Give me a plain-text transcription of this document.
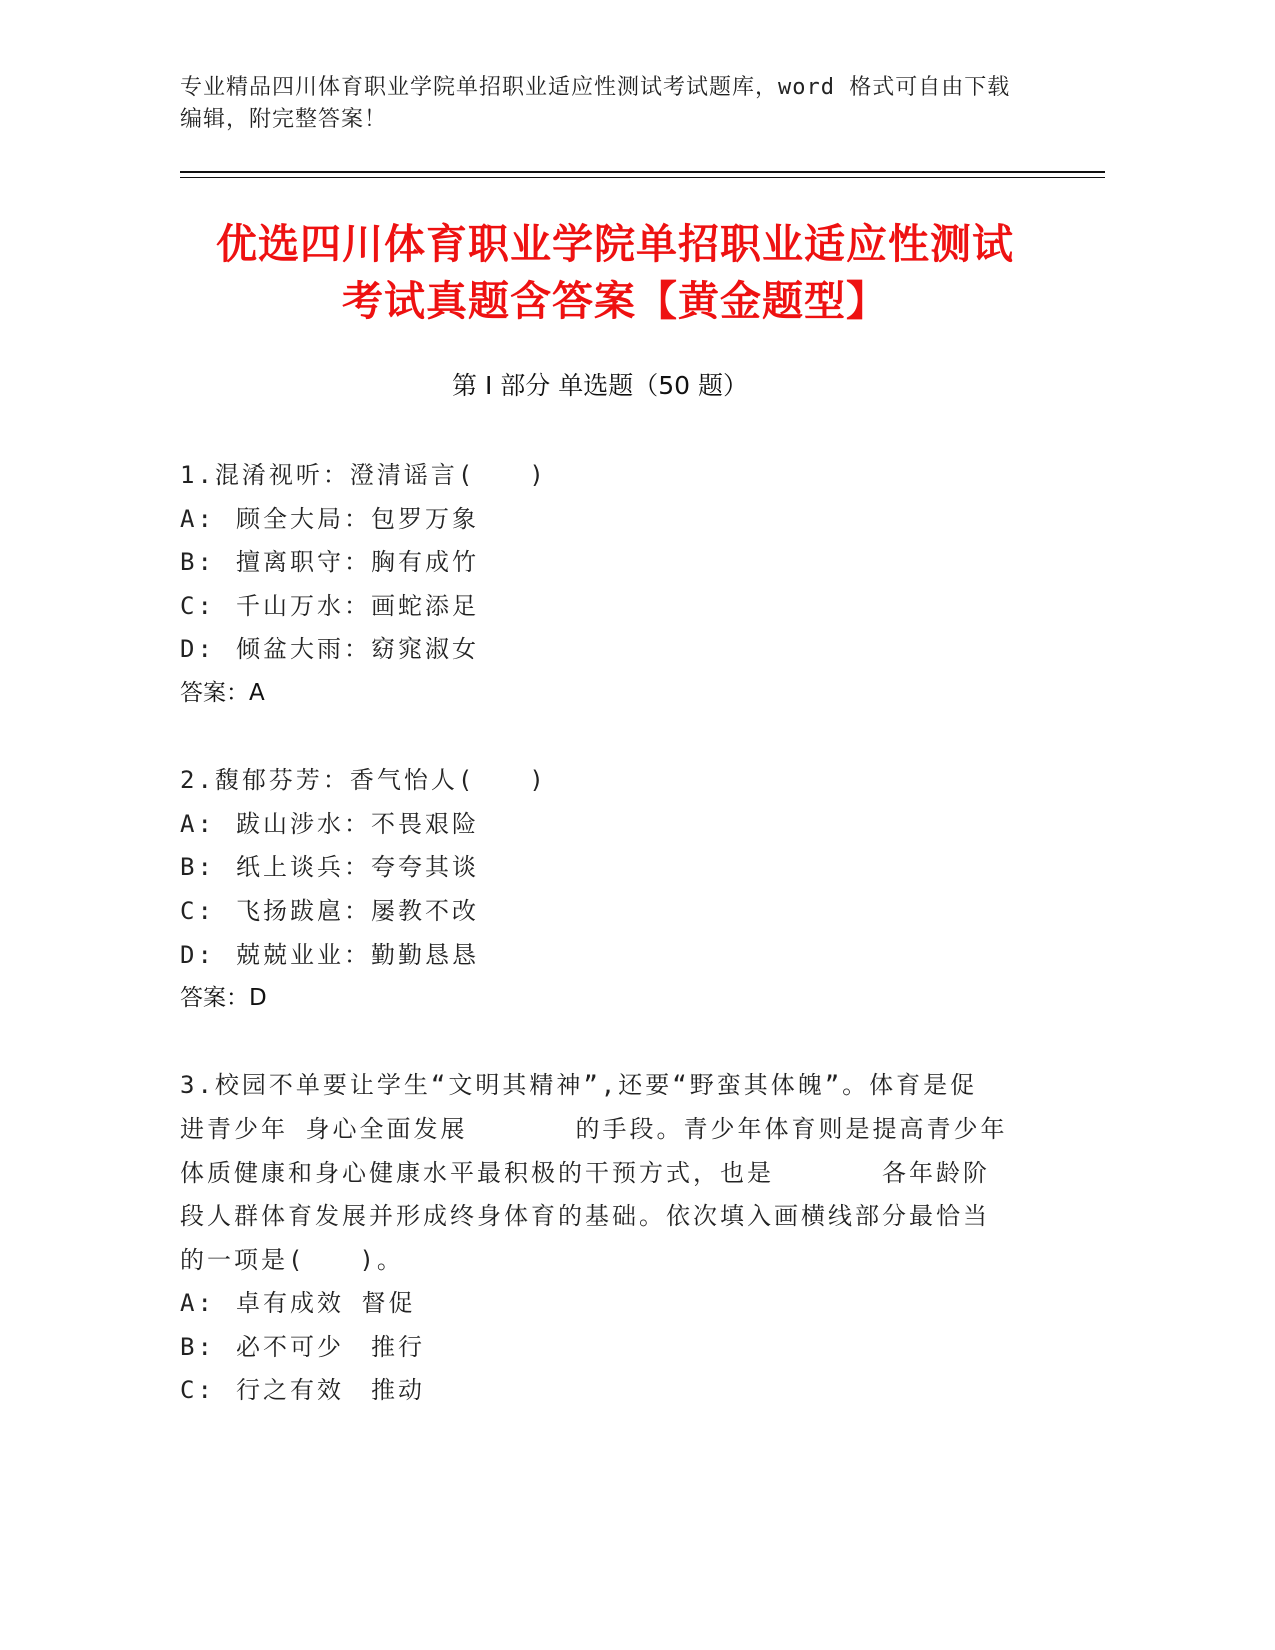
专业精品四川体育职业学院单招职业适应性测试考试题库，word 格式可自由下载
编辑，附完整答案！
优选四川体育职业学院单招职业适应性测试
考试真题含答案【黄金题型】
第 I 部分 单选题（50 题）
1.混淆视听：澄清谣言(　　)
A: 顾全大局：包罗万象
B: 擅离职守：胸有成竹
C: 千山万水：画蛇添足
D: 倾盆大雨：窈窕淑女
答案：A
2.馥郁芬芳：香气怡人(　　)
A: 跋山涉水：不畏艰险
B: 纸上谈兵：夸夸其谈
C: 飞扬跋扈：屡教不改
D: 兢兢业业：勤勤恳恳
答案：D
3.校园不单要让学生“文明其精神”,还要“野蛮其体魄”。体育是促
进青少年 身心全面发展　　　　的手段。青少年体育则是提高青少年
体质健康和身心健康水平最积极的干预方式，也是　　　　各年龄阶
段人群体育发展并形成终身体育的基础。依次填入画横线部分最恰当
的一项是(　　)。
A: 卓有成效 督促
B: 必不可少　推行
C: 行之有效　推动
